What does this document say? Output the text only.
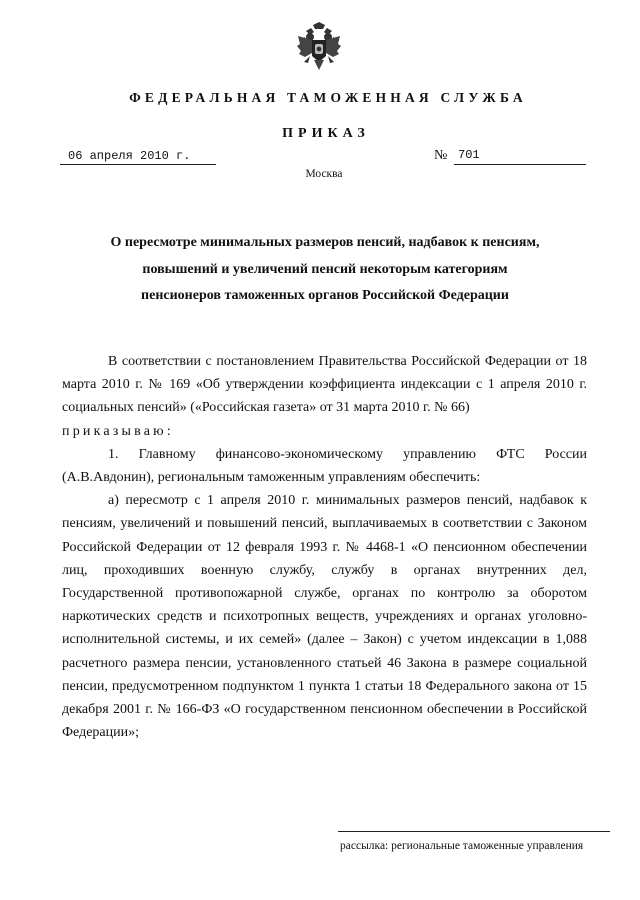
ФЕДЕРАЛЬНАЯ ТАМОЖЕННАЯ СЛУЖБА
ПРИКАЗ
06 апреля 2010 г.	№ 701
Москва
О пересмотре минимальных размеров пенсий, надбавок к пенсиям,
повышений и увеличений пенсий некоторым категориям
пенсионеров таможенных органов Российской Федерации

В соответствии с постановлением Правительства Российской Федерации от 18 марта 2010 г. № 169 «Об утверждении коэффициента индексации с 1 апреля 2010 г. социальных пенсий» («Российская газета» от 31 марта 2010 г. № 66)

приказываю:

1. Главному финансово-экономическому управлению ФТС России (А.В.Авдонин), региональным таможенным управлениям обеспечить:

а) пересмотр с 1 апреля 2010 г. минимальных размеров пенсий, надбавок к пенсиям, увеличений и повышений пенсий, выплачиваемых в соответствии с Законом Российской Федерации от 12 февраля 1993 г. № 4468-1 «О пенсионном обеспечении лиц, проходивших военную службу, службу в органах внутренних дел, Государственной противопожарной службе, органах по контролю за оборотом наркотических средств и психотропных веществ, учреждениях и органах уголовно-исполнительной системы, и их семей» (далее – Закон) с учетом индексации в 1,088 расчетного размера пенсии, установленного статьей 46 Закона в размере социальной пенсии, предусмотренном подпунктом 1 пункта 1 статьи 18 Федерального закона от 15 декабря 2001 г. № 166-ФЗ «О государственном пенсионном обеспечении в Российской Федерации»;

рассылка: региональные таможенные управления
